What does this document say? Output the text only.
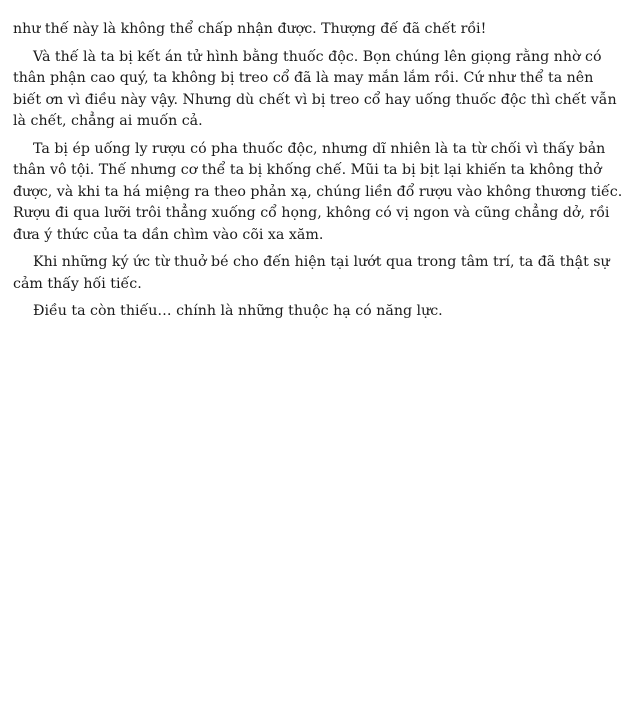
như thế này là không thể chấp nhận được. Thượng đế đã chết rồi!

Và thế là ta bị kết án tử hình bằng thuốc độc. Bọn chúng lên giọng rằng nhờ có thân phận cao quý, ta không bị treo cổ đã là may mắn lắm rồi. Cứ như thể ta nên biết ơn vì điều này vậy. Nhưng dù chết vì bị treo cổ hay uống thuốc độc thì chết vẫn là chết, chẳng ai muốn cả.

Ta bị ép uống ly rượu có pha thuốc độc, nhưng dĩ nhiên là ta từ chối vì thấy bản thân vô tội. Thế nhưng cơ thể ta bị khống chế. Mũi ta bị bịt lại khiến ta không thở được, và khi ta há miệng ra theo phản xạ, chúng liền đổ rượu vào không thương tiếc. Rượu đi qua lưỡi trôi thẳng xuống cổ họng, không có vị ngon và cũng chẳng dở, rồi đưa ý thức của ta dần chìm vào cõi xa xăm.

Khi những ký ức từ thuở bé cho đến hiện tại lướt qua trong tâm trí, ta đã thật sự cảm thấy hối tiếc.

Điều ta còn thiếu… chính là những thuộc hạ có năng lực.
